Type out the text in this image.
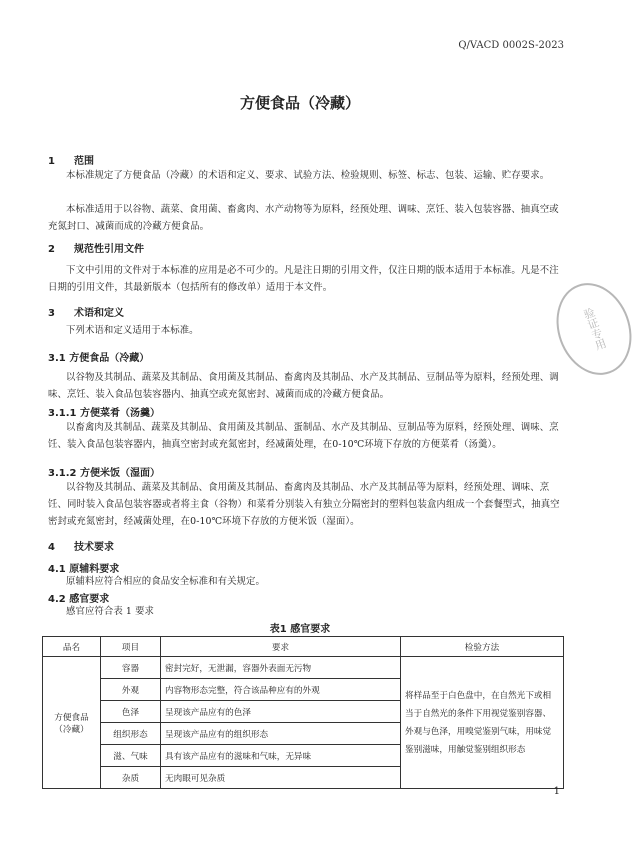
Q/VACD 0002S-2023
方便食品（冷藏）
1 范围
本标准规定了方便食品（冷藏）的术语和定义、要求、试验方法、检验规则、标签、标志、包装、运输、贮存要求。
本标准适用于以谷物、蔬菜、食用菌、畜禽肉、水产动物等为原料，经预处理、调味、烹饪、装入包装容器、抽真空或充氮封口、减菌而成的冷藏方便食品。
2 规范性引用文件
下文中引用的文件对于本标准的应用是必不可少的。凡是注日期的引用文件，仅注日期的版本适用于本标准。凡是不注日期的引用文件，其最新版本（包括所有的修改单）适用于本文件。
3 术语和定义
下列术语和定义适用于本标准。
3.1 方便食品（冷藏）
以谷物及其制品、蔬菜及其制品、食用菌及其制品、畜禽肉及其制品、水产及其制品、豆制品等为原料，经预处理、调味、烹饪、装入食品包装容器内、抽真空或充氮密封、减菌而成的冷藏方便食品。
3.1.1 方便菜肴（汤羹）
以畜禽肉及其制品、蔬菜及其制品、食用菌及其制品、蛋制品、水产及其制品、豆制品等为原料，经预处理、调味、烹饪、装入食品包装容器内，抽真空密封或充氮密封，经减菌处理，在0-10℃环境下存放的方便菜肴（汤羹）。
3.1.2 方便米饭（湿面）
以谷物及其制品、蔬菜及其制品、食用菌及其制品、畜禽肉及其制品、水产及其制品等为原料，经预处理、调味、烹饪、同时装入食品包装容器或者将主食（谷物）和菜肴分别装入有独立分隔密封的塑料包装盒内组成一个套餐型式，抽真空密封或充氮密封，经减菌处理，在0-10℃环境下存放的方便米饭（湿面）。
4 技术要求
4.1 原辅料要求
原辅料应符合相应的食品安全标准和有关规定。
4.2 感官要求
感官应符合表 1 要求
表1 感官要求
品名	项目	要求	检验方法
方便食品（冷藏）	容器	密封完好，无泄漏，容器外表面无污物	将样品至于白色盘中，在自然光下或相当于自然光的条件下用视觉鉴别容器、外观与色泽，用嗅觉鉴别气味，用味觉鉴别滋味，用触觉鉴别组织形态
	外观	内容物形态完整，符合该品种应有的外观	
	色泽	呈现该产品应有的色泽	
	组织形态	呈现该产品应有的组织形态	
	滋、气味	具有该产品应有的滋味和气味，无异味	
	杂质	无肉眼可见杂质	
1
验证专用
